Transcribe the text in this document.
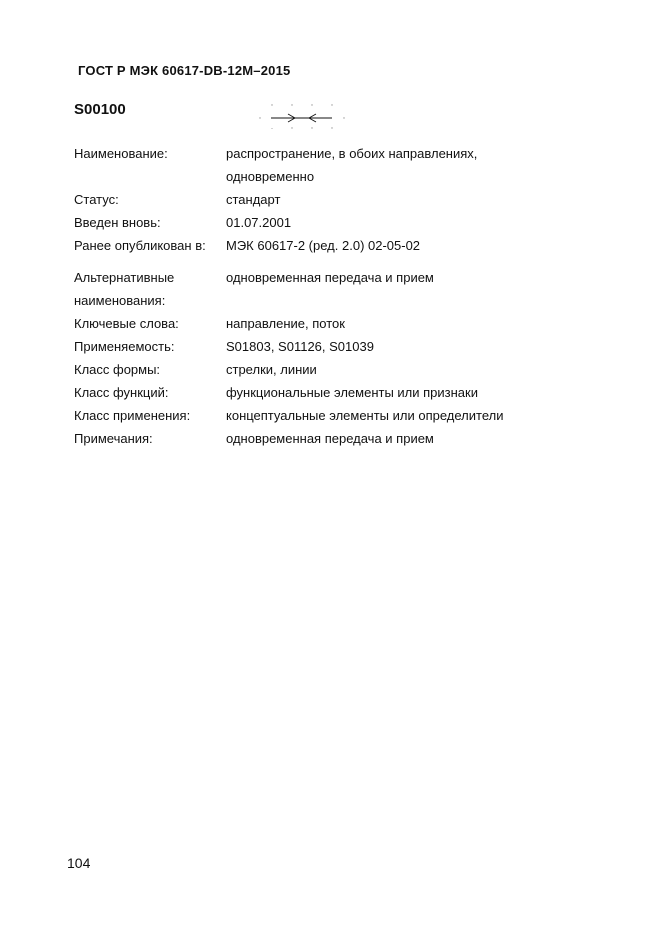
ГОСТ Р МЭК 60617-DB-12M–2015
S00100
Наименование:	распространение, в обоих направлениях,
одновременно
Статус:	стандарт
Введен вновь:	01.07.2001
Ранее опубликован в: МЭК 60617-2 (ред. 2.0) 02-05-02
Альтернативные	одновременная передача и прием
наименования:
Ключевые слова:	направление, поток
Применяемость:	S01803, S01126, S01039
Класс формы:	стрелки, линии
Класс функций:	функциональные элементы или признаки
Класс применения:	концептуальные элементы или определители
Примечания:	одновременная передача и прием
104
